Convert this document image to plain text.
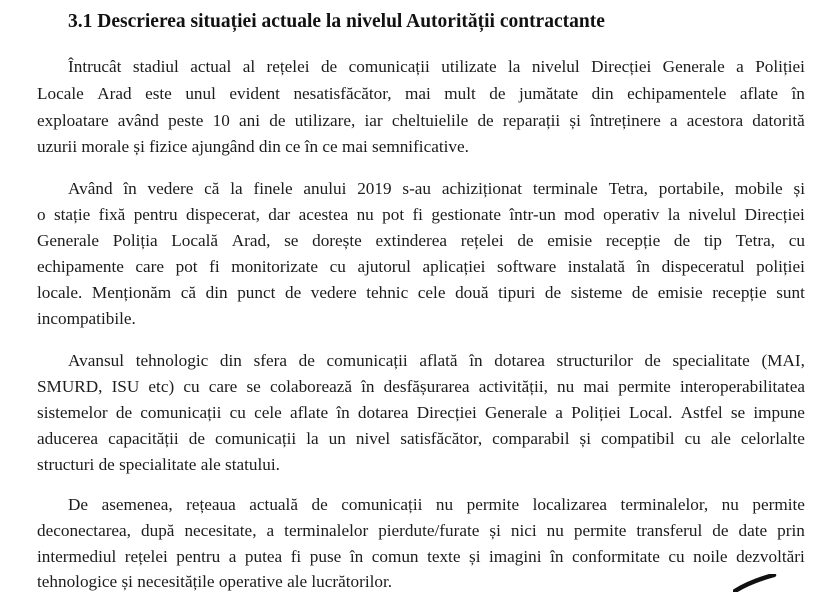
3.1 Descrierea situației actuale la nivelul Autorității contractante
Întrucât stadiul actual al rețelei de comunicații utilizate la nivelul Direcției Generale a Poliției
Locale Arad este unul evident nesatisfăcător, mai mult de jumătate din echipamentele aflate în
exploatare având peste 10 ani de utilizare, iar cheltuielile de reparații și întreținere a acestora datorită
uzurii morale și fizice ajungând din ce în ce mai semnificative.
Având în vedere că la finele anului 2019 s-au achiziționat terminale Tetra, portabile, mobile și
o stație fixă pentru dispecerat, dar acestea nu pot fi gestionate într-un mod operativ la nivelul Direcției
Generale Poliția Locală Arad, se dorește extinderea rețelei de emisie recepție de tip Tetra, cu
echipamente care pot fi monitorizate cu ajutorul aplicației software instalată în dispeceratul poliției
locale. Menționăm că din punct de vedere tehnic cele două tipuri de sisteme de emisie recepție sunt
incompatibile.
Avansul tehnologic din sfera de comunicații aflată în dotarea structurilor de specialitate (MAI,
SMURD, ISU etc) cu care se colaborează în desfășurarea activității, nu mai permite interoperabilitatea
sistemelor de comunicații cu cele aflate în dotarea Direcției Generale a Poliției Local. Astfel se impune
aducerea capacității de comunicații la un nivel satisfăcător, comparabil și compatibil cu ale celorlalte
structuri de specialitate ale statului.
De asemenea, rețeaua actuală de comunicații nu permite localizarea terminalelor, nu permite
deconectarea, după necesitate, a terminalelor pierdute/furate și nici nu permite transferul de date prin
intermediul rețelei pentru a putea fi puse în comun texte și imagini în conformitate cu noile dezvoltări
tehnologice și necesitățile operative ale lucrătorilor.
